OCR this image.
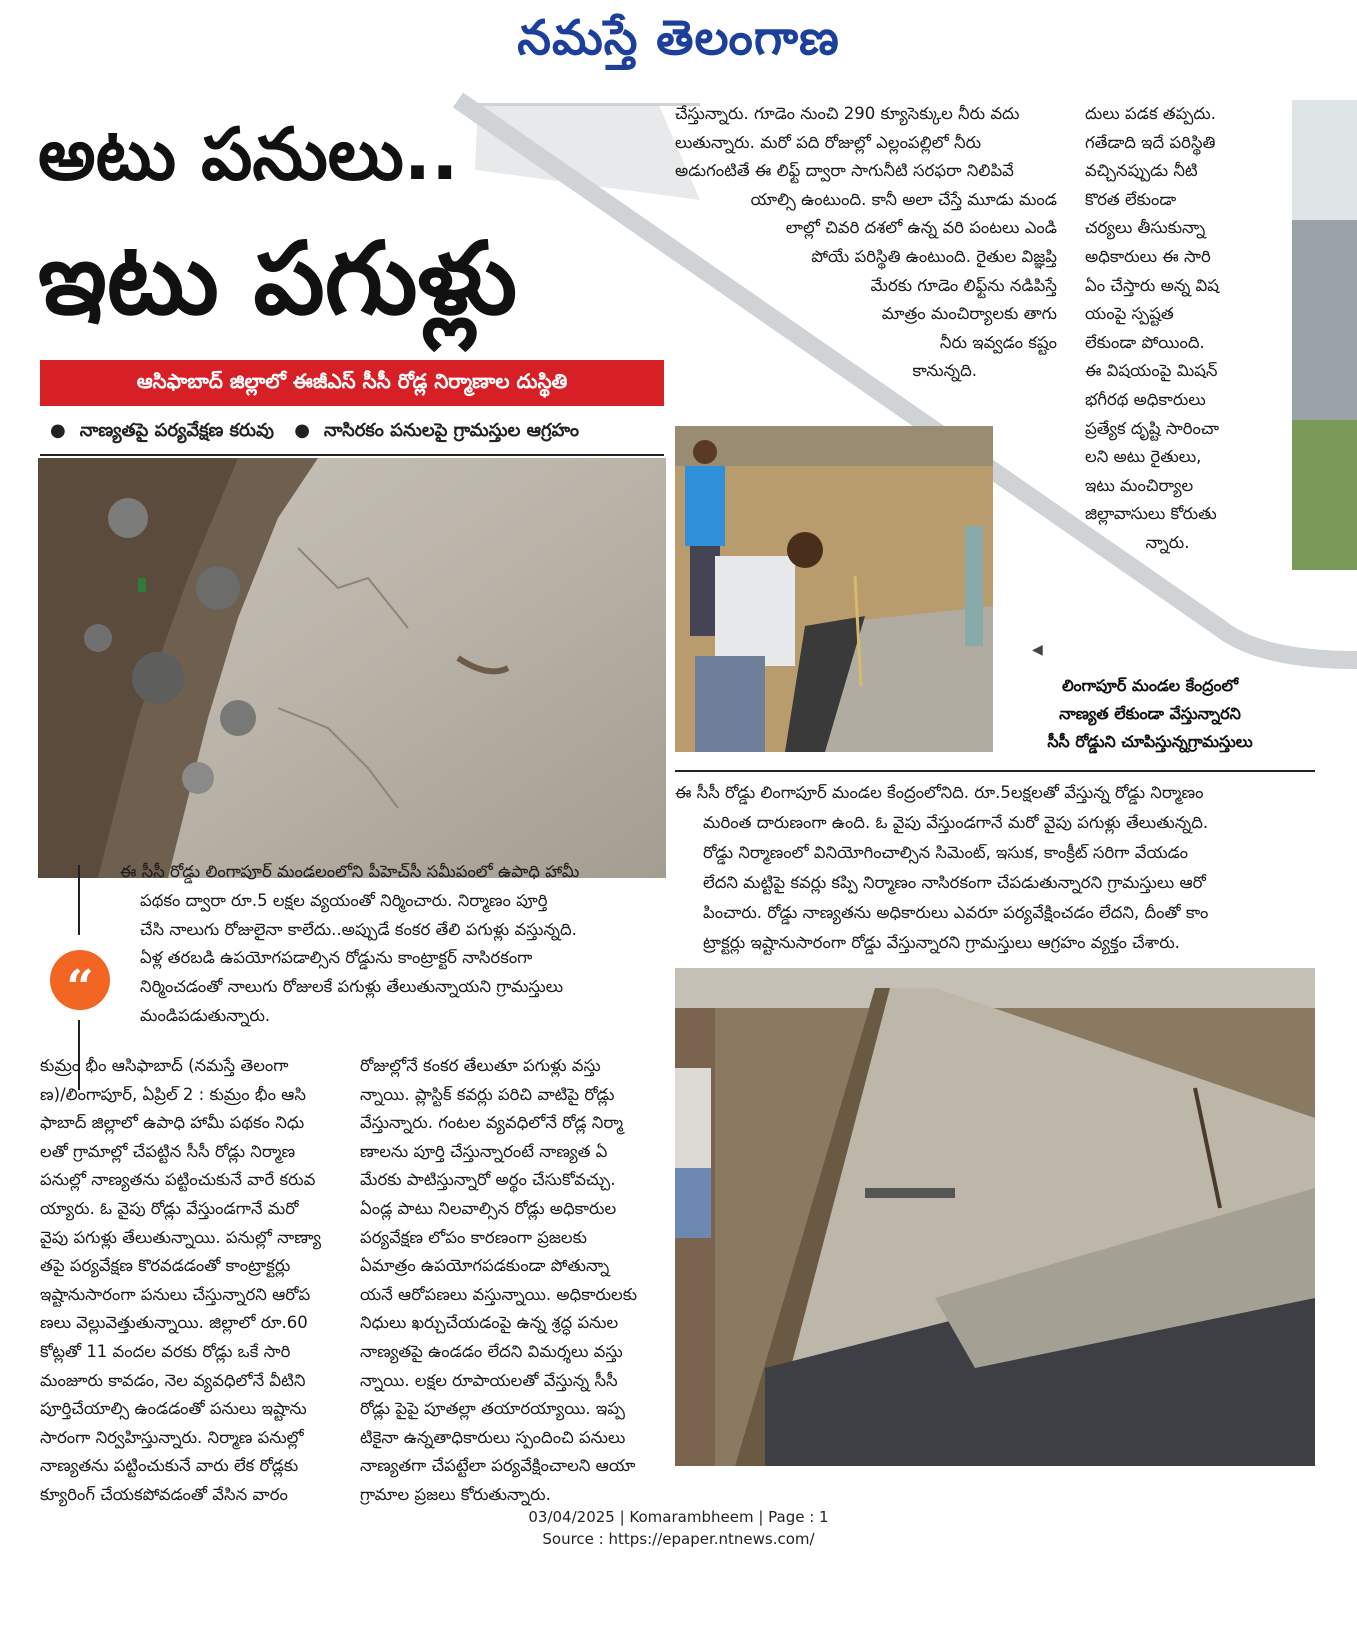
నమస్తే తెలంగాణ
అటు పనులు..
ఇటు పగుళ్లు
ఆసిఫాబాద్ జిల్లాలో ఈజీఎస్ సీసీ రోడ్ల నిర్మాణాల దుస్థితి
● నాణ్యతపై పర్యవేక్షణ కరువు ● నాసిరకం పనులపై గ్రామస్తుల ఆగ్రహం

చేస్తున్నారు. గూడెం నుంచి 290 క్యూసెక్కుల నీరు వదు

లుతున్నారు. మరో పది రోజుల్లో ఎల్లంపల్లిలో నీరు

అడుగంటితే ఈ లిఫ్ట్ ద్వారా సాగునీటి సరఫరా నిలిపివే

యాల్సి ఉంటుంది. కానీ అలా చేస్తే మూడు మండ

లాల్లో చివరి దశలో ఉన్న వరి పంటలు ఎండి

పోయే పరిస్థితి ఉంటుంది. రైతుల విజ్ఞప్తి

మేరకు గూడెం లిఫ్ట్‌ను నడిపిస్తే

మాత్రం మంచిర్యాలకు తాగు

నీరు ఇవ్వడం కష్టం

కానున్నది.

దులు పడక తప్పదు.

గతేడాది ఇదే పరిస్థితి

వచ్చినప్పుడు నీటి

కొరత లేకుండా

చర్యలు తీసుకున్నా

అధికారులు ఈ సారి

ఏం చేస్తారు అన్న విష

యంపై స్పష్టత

లేకుండా పోయింది.

ఈ విషయంపై మిషన్

భగీరథ అధికారులు

ప్రత్యేక దృష్టి సారించా

లని అటు రైతులు,

ఇటు మంచిర్యాల

జిల్లావాసులు కోరుతు

న్నారు.

◀
లింగాపూర్ మండల కేంద్రంలో
నాణ్యత లేకుండా వేస్తున్నారని
సీసీ రోడ్డుని చూపిస్తున్నగ్రామస్తులు

ఈ సీసీ రోడ్డు లింగాపూర్ మండల కేంద్రంలోనిది. రూ.5లక్షలతో వేస్తున్న రోడ్డు నిర్మాణం

మరింత దారుణంగా ఉంది. ఓ వైపు వేస్తుండగానే మరో వైపు పగుళ్లు తేలుతున్నది.

రోడ్డు నిర్మాణంలో వినియోగించాల్సిన సిమెంట్, ఇసుక, కాంక్రీట్ సరిగా వేయడం

లేదని మట్టిపై కవర్లు కప్పి నిర్మాణం నాసిరకంగా చేపడుతున్నారని గ్రామస్తులు ఆరో

పించారు. రోడ్డు నాణ్యతను అధికారులు ఎవరూ పర్యవేక్షించడం లేదని, దీంతో కాం

ట్రాక్టర్లు ఇష్టానుసారంగా రోడ్డు వేస్తున్నారని గ్రామస్తులు ఆగ్రహం వ్యక్తం చేశారు.

“

ఈ సీసీ రోడ్డు లింగాపూర్ మండలంలోని పీహెచ్‌సీ సమీపంలో ఉపాధి హామీ

పథకం ద్వారా రూ.5 లక్షల వ్యయంతో నిర్మించారు. నిర్మాణం పూర్తి

చేసి నాలుగు రోజులైనా కాలేదు..అప్పుడే కంకర తేలి పగుళ్లు వస్తున్నది.

ఏళ్ల తరబడి ఉపయోగపడాల్సిన రోడ్డును కాంట్రాక్టర్ నాసిరకంగా

నిర్మించడంతో నాలుగు రోజులకే పగుళ్లు తేలుతున్నాయని గ్రామస్తులు

మండిపడుతున్నారు.

కుమ్రం భీం ఆసిఫాబాద్ (నమస్తే తెలంగా

ణ)/లింగాపూర్, ఏప్రిల్ 2 : కుమ్రం భీం ఆసి

ఫాబాద్ జిల్లాలో ఉపాధి హామీ పథకం నిధు

లతో గ్రామాల్లో చేపట్టిన సీసీ రోడ్లు నిర్మాణ

పనుల్లో నాణ్యతను పట్టించుకునే వారే కరువ

య్యారు. ఓ వైపు రోడ్లు వేస్తుండగానే మరో

వైపు పగుళ్లు తేలుతున్నాయి. పనుల్లో నాణ్యా

తపై పర్యవేక్షణ కొరవడడంతో కాంట్రాక్టర్లు

ఇష్టానుసారంగా పనులు చేస్తున్నారని ఆరోప

ణలు వెల్లువెత్తుతున్నాయి. జిల్లాలో రూ.60

కోట్లతో 11 వందల వరకు రోడ్లు ఒకే సారి

మంజూరు కావడం, నెల వ్యవధిలోనే వీటిని

పూర్తిచేయాల్సి ఉండడంతో పనులు ఇష్టాను

సారంగా నిర్వహిస్తున్నారు. నిర్మాణ పనుల్లో

నాణ్యతను పట్టించుకునే వారు లేక రోడ్లకు

క్యూరింగ్ చేయకపోవడంతో వేసిన వారం

రోజుల్లోనే కంకర తేలుతూ పగుళ్లు వస్తు

న్నాయి. ప్లాస్టిక్ కవర్లు పరిచి వాటిపై రోడ్లు

వేస్తున్నారు. గంటల వ్యవధిలోనే రోడ్ల నిర్మా

ణాలను పూర్తి చేస్తున్నారంటే నాణ్యత ఏ

మేరకు పాటిస్తున్నారో అర్థం చేసుకోవచ్చు.

ఏండ్ల పాటు నిలవాల్సిన రోడ్లు అధికారుల

పర్యవేక్షణ లోపం కారణంగా ప్రజలకు

ఏమాత్రం ఉపయోగపడకుండా పోతున్నా

యనే ఆరోపణలు వస్తున్నాయి. అధికారులకు

నిధులు ఖర్చుచేయడంపై ఉన్న శ్రద్ధ పనుల

నాణ్యతపై ఉండడం లేదని విమర్శలు వస్తు

న్నాయి. లక్షల రూపాయలతో వేస్తున్న సీసీ

రోడ్లు పైపై పూతల్లా తయారయ్యాయి. ఇప్ప

టికైనా ఉన్నతాధికారులు స్పందించి పనులు

నాణ్యతగా చేపట్టేలా పర్యవేక్షించాలని ఆయా

గ్రామాల ప్రజలు కోరుతున్నారు.

03/04/2025 | Komarambheem | Page : 1
Source : https://epaper.ntnews.com/
